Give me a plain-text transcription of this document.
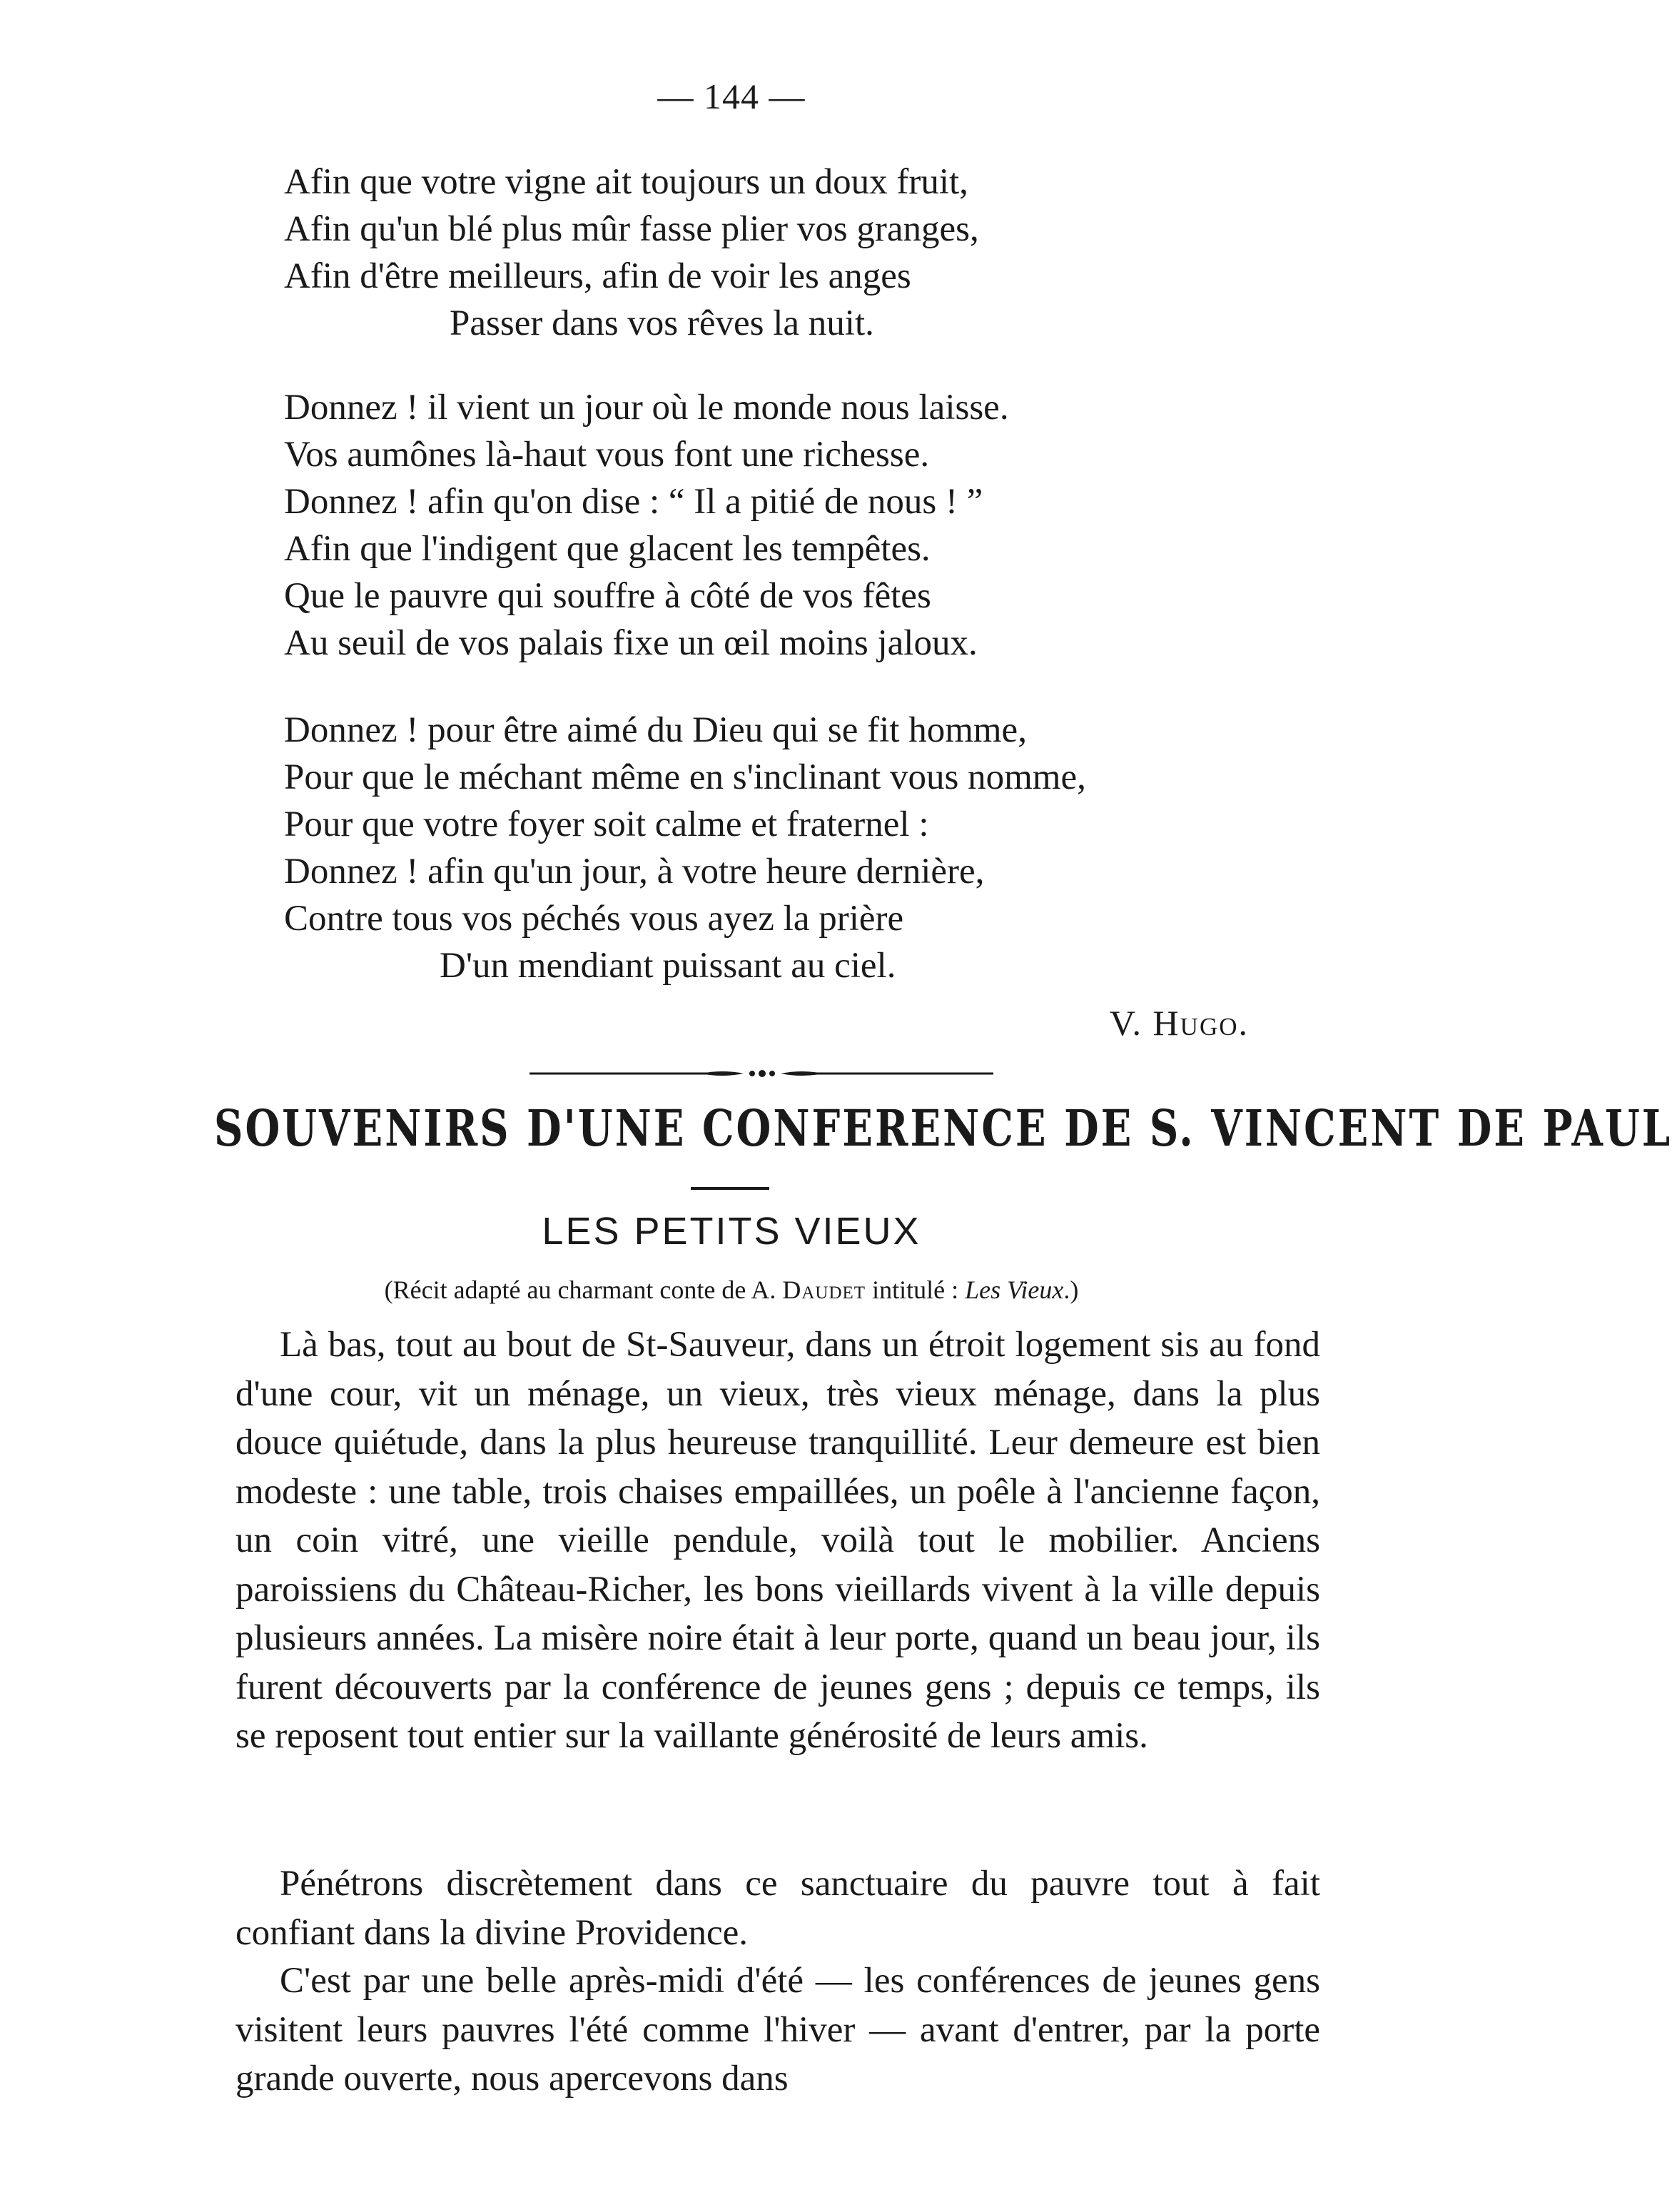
— 144 —
Afin que votre vigne ait toujours un doux fruit,
Afin qu'un blé plus mûr fasse plier vos granges,
Afin d'être meilleurs, afin de voir les anges
Passer dans vos rêves la nuit.
Donnez ! il vient un jour où le monde nous laisse.
Vos aumônes là-haut vous font une richesse.
Donnez ! afin qu'on dise : “ Il a pitié de nous ! ”
Afin que l'indigent que glacent les tempêtes.
Que le pauvre qui souffre à côté de vos fêtes
Au seuil de vos palais fixe un œil moins jaloux.
Donnez ! pour être aimé du Dieu qui se fit homme,
Pour que le méchant même en s'inclinant vous nomme,
Pour que votre foyer soit calme et fraternel :
Donnez ! afin qu'un jour, à votre heure dernière,
Contre tous vos péchés vous ayez la prière
D'un mendiant puissant au ciel.
V. Hugo.
SOUVENIRS D'UNE CONFERENCE DE S. VINCENT DE PAUL
LES PETITS VIEUX
(Récit adapté au charmant conte de A. Daudet intitulé : Les Vieux.)

Là bas, tout au bout de St-Sauveur, dans un étroit logement sis au fond d'une cour, vit un ménage, un vieux, très vieux ménage, dans la plus douce quiétude, dans la plus heureuse tranquillité. Leur demeure est bien modeste : une table, trois chaises empaillées, un poêle à l'ancienne façon, un coin vitré, une vieille pendule, voilà tout le mobilier. Anciens paroissiens du Château-Richer, les bons vieillards vivent à la ville depuis plusieurs années. La misère noire était à leur porte, quand un beau jour, ils furent découverts par la conférence de jeunes gens ; depuis ce temps, ils se reposent tout entier sur la vaillante générosité de leurs amis.

Pénétrons discrètement dans ce sanctuaire du pauvre tout à fait confiant dans la divine Providence.

C'est par une belle après-midi d'été — les conférences de jeunes gens visitent leurs pauvres l'été comme l'hiver — avant d'entrer, par la porte grande ouverte, nous apercevons dans
